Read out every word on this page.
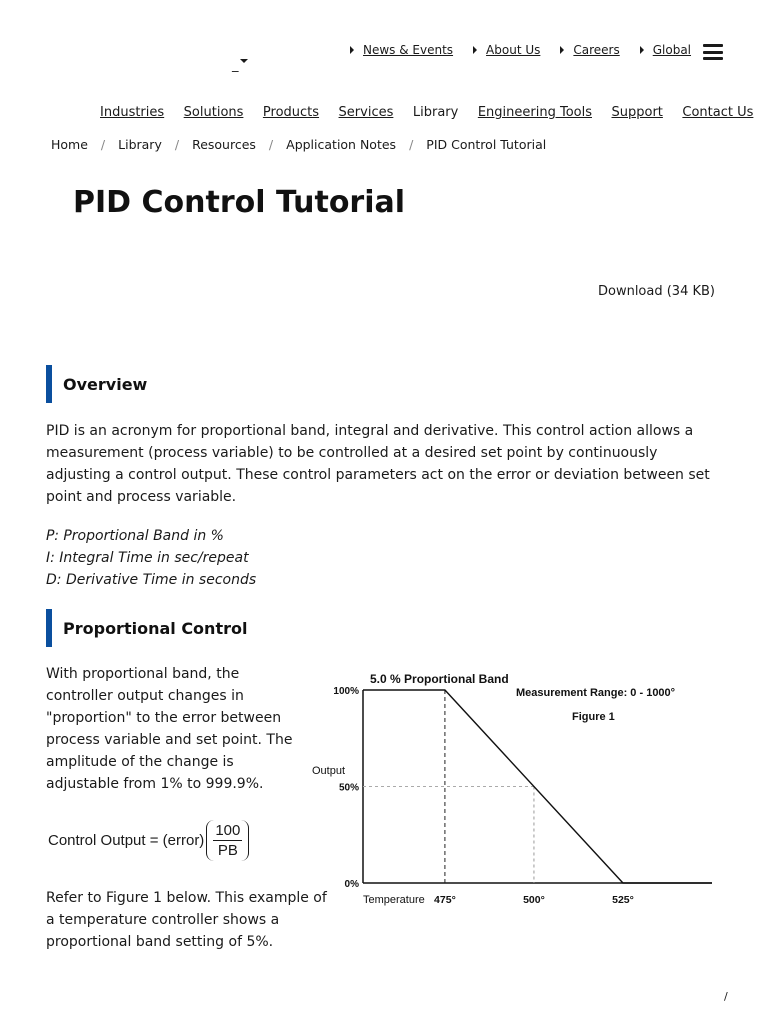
News & Events	About Us	Careers	Global
_
Industries Solutions Products Services Library Engineering Tools Support Contact Us
Home / Library / Resources / Application Notes / PID Control Tutorial
PID Control Tutorial
Download (34 KB)
Overview

PID is an acronym for proportional band, integral and derivative. This control action allows a measurement (process variable) to be controlled at a desired set point by continuously adjusting a control output. These control parameters act on the error or deviation between set point and process variable.

P: Proportional Band in %
I: Integral Time in sec/repeat
D: Derivative Time in seconds
Proportional Control

With proportional band, the controller output changes in "proportion" to the error between process variable and set point. The amplitude of the change is adjustable from 1% to 999.9%.

Control Output = (error) $\frac{100}{PB}$

Refer to Figure 1 below. This example of a temperature controller shows a proportional band setting of 5%.

5.0 % Proportional Band
Measurement Range: 0 - 1000°
Figure 1
Output
Temperature
100%
50%
0%
475°	500°	525°
/
